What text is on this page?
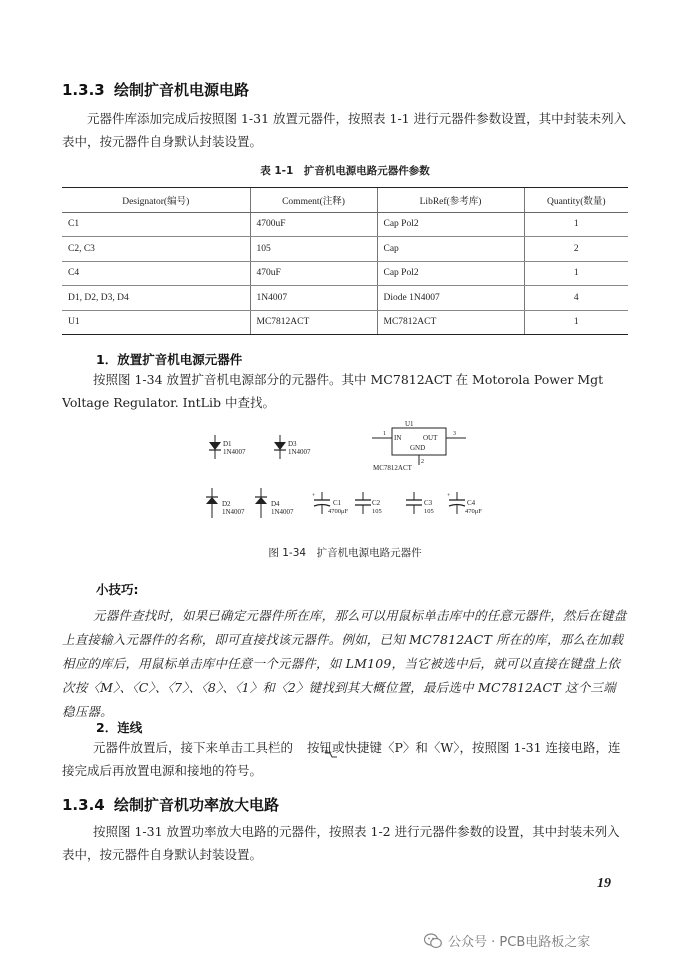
1.3.3 绘制扩音机电源电路
元器件库添加完成后按照图 1-31 放置元器件，按照表 1-1 进行元器件参数设置，其中封装未列入表中，按元器件自身默认封装设置。
表 1-1　扩音机电源电路元器件参数
Designator(编号)	Comment(注释)	LibRef(参考库)	Quantity(数量)
C1	4700uF	Cap Pol2	1
C2, C3	105	Cap	2
C4	470uF	Cap Pol2	1
D1, D2, D3, D4	1N4007	Diode 1N4007	4
U1	MC7812ACT	MC7812ACT	1
1．放置扩音机电源元器件
按照图 1-34 放置扩音机电源部分的元器件。其中 MC7812ACT 在 Motorola Power Mgt Voltage Regulator. IntLib 中查找。
D1
1N4007
D3
1N4007
U1
1	3
2
IN	OUT
GND
MC7812ACT
D2
1N4007
D4
1N4007
+
C1
4700μF
C2
105
C3
105
+
C4
470μF
图 1-34　扩音机电源电路元器件
小技巧:
元器件查找时，如果已确定元器件所在库，那么可以用鼠标单击库中的任意元器件，然后在键盘上直接输入元器件的名称，即可直接找该元器件。例如，已知 MC7812ACT 所在的库，那么在加载相应的库后，用鼠标单击库中任意一个元器件，如 LM109，当它被选中后，就可以直接在键盘上依次按〈M〉、〈C〉、〈7〉、〈8〉、〈1〉和〈2〉键找到其大概位置，最后选中 MC7812ACT 这个三端稳压器。
2．连线
元器件放置后，接下来单击工具栏的 按钮或快捷键〈P〉和〈W〉，按照图 1-31 连接电路，连接完成后再放置电源和接地的符号。
1.3.4 绘制扩音机功率放大电路
按照图 1-31 放置功率放大电路的元器件，按照表 1-2 进行元器件参数的设置，其中封装未列入表中，按元器件自身默认封装设置。
19
公众号 · PCB电路板之家
